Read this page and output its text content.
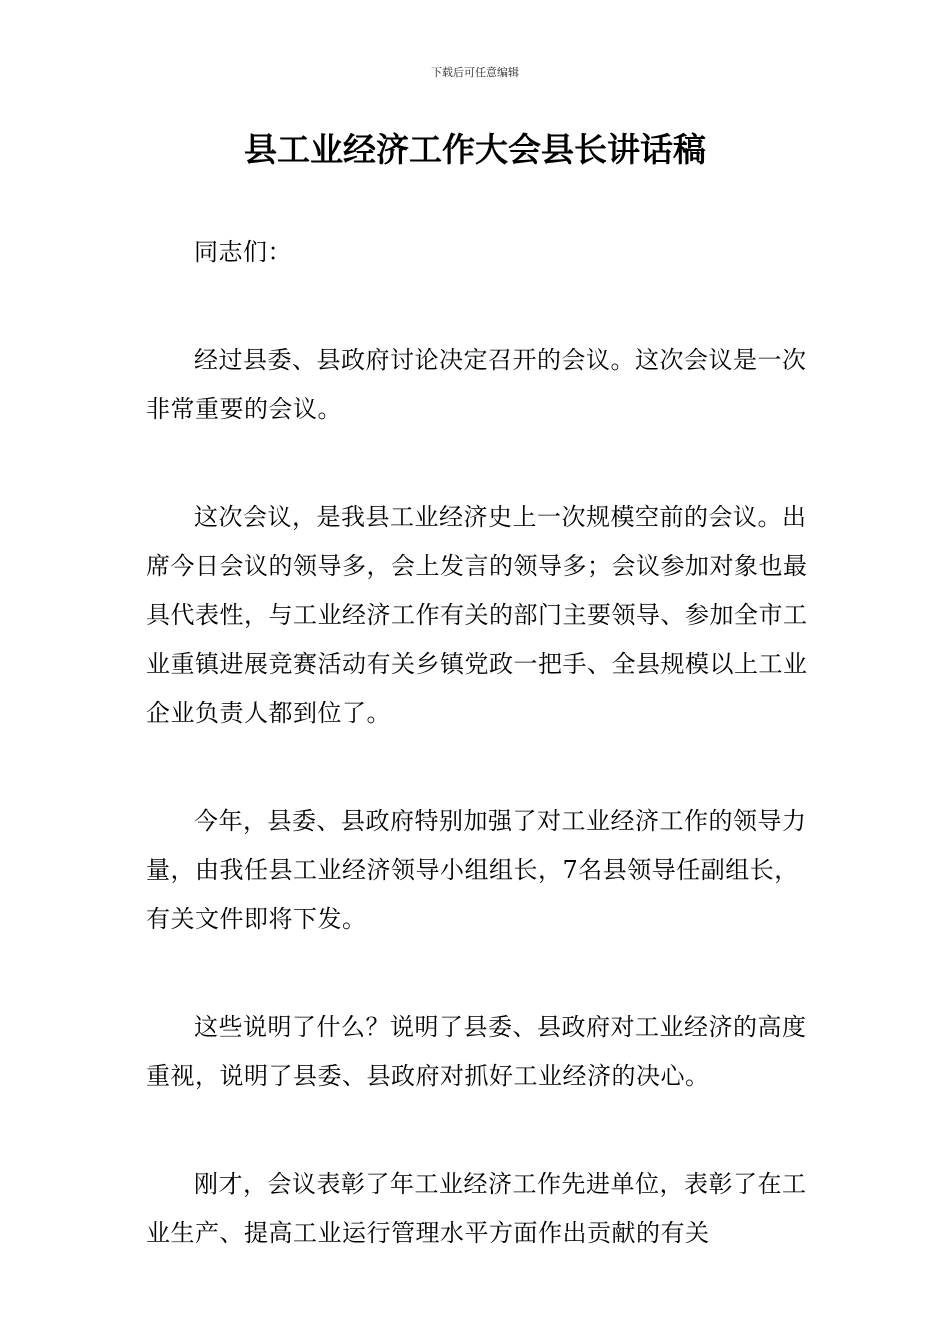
下载后可任意编辑
县工业经济工作大会县长讲话稿

同志们：

经过县委、县政府讨论决定召开的会议。这次会议是一次非常重要的会议。

这次会议，是我县工业经济史上一次规模空前的会议。出席今日会议的领导多，会上发言的领导多；会议参加对象也最具代表性，与工业经济工作有关的部门主要领导、参加全市工业重镇进展竞赛活动有关乡镇党政一把手、全县规模以上工业企业负责人都到位了。

今年，县委、县政府特别加强了对工业经济工作的领导力量，由我任县工业经济领导小组组长，7名县领导任副组长，有关文件即将下发。

这些说明了什么？说明了县委、县政府对工业经济的高度重视，说明了县委、县政府对抓好工业经济的决心。

刚才，会议表彰了年工业经济工作先进单位，表彰了在工业生产、提高工业运行管理水平方面作出贡献的有关
